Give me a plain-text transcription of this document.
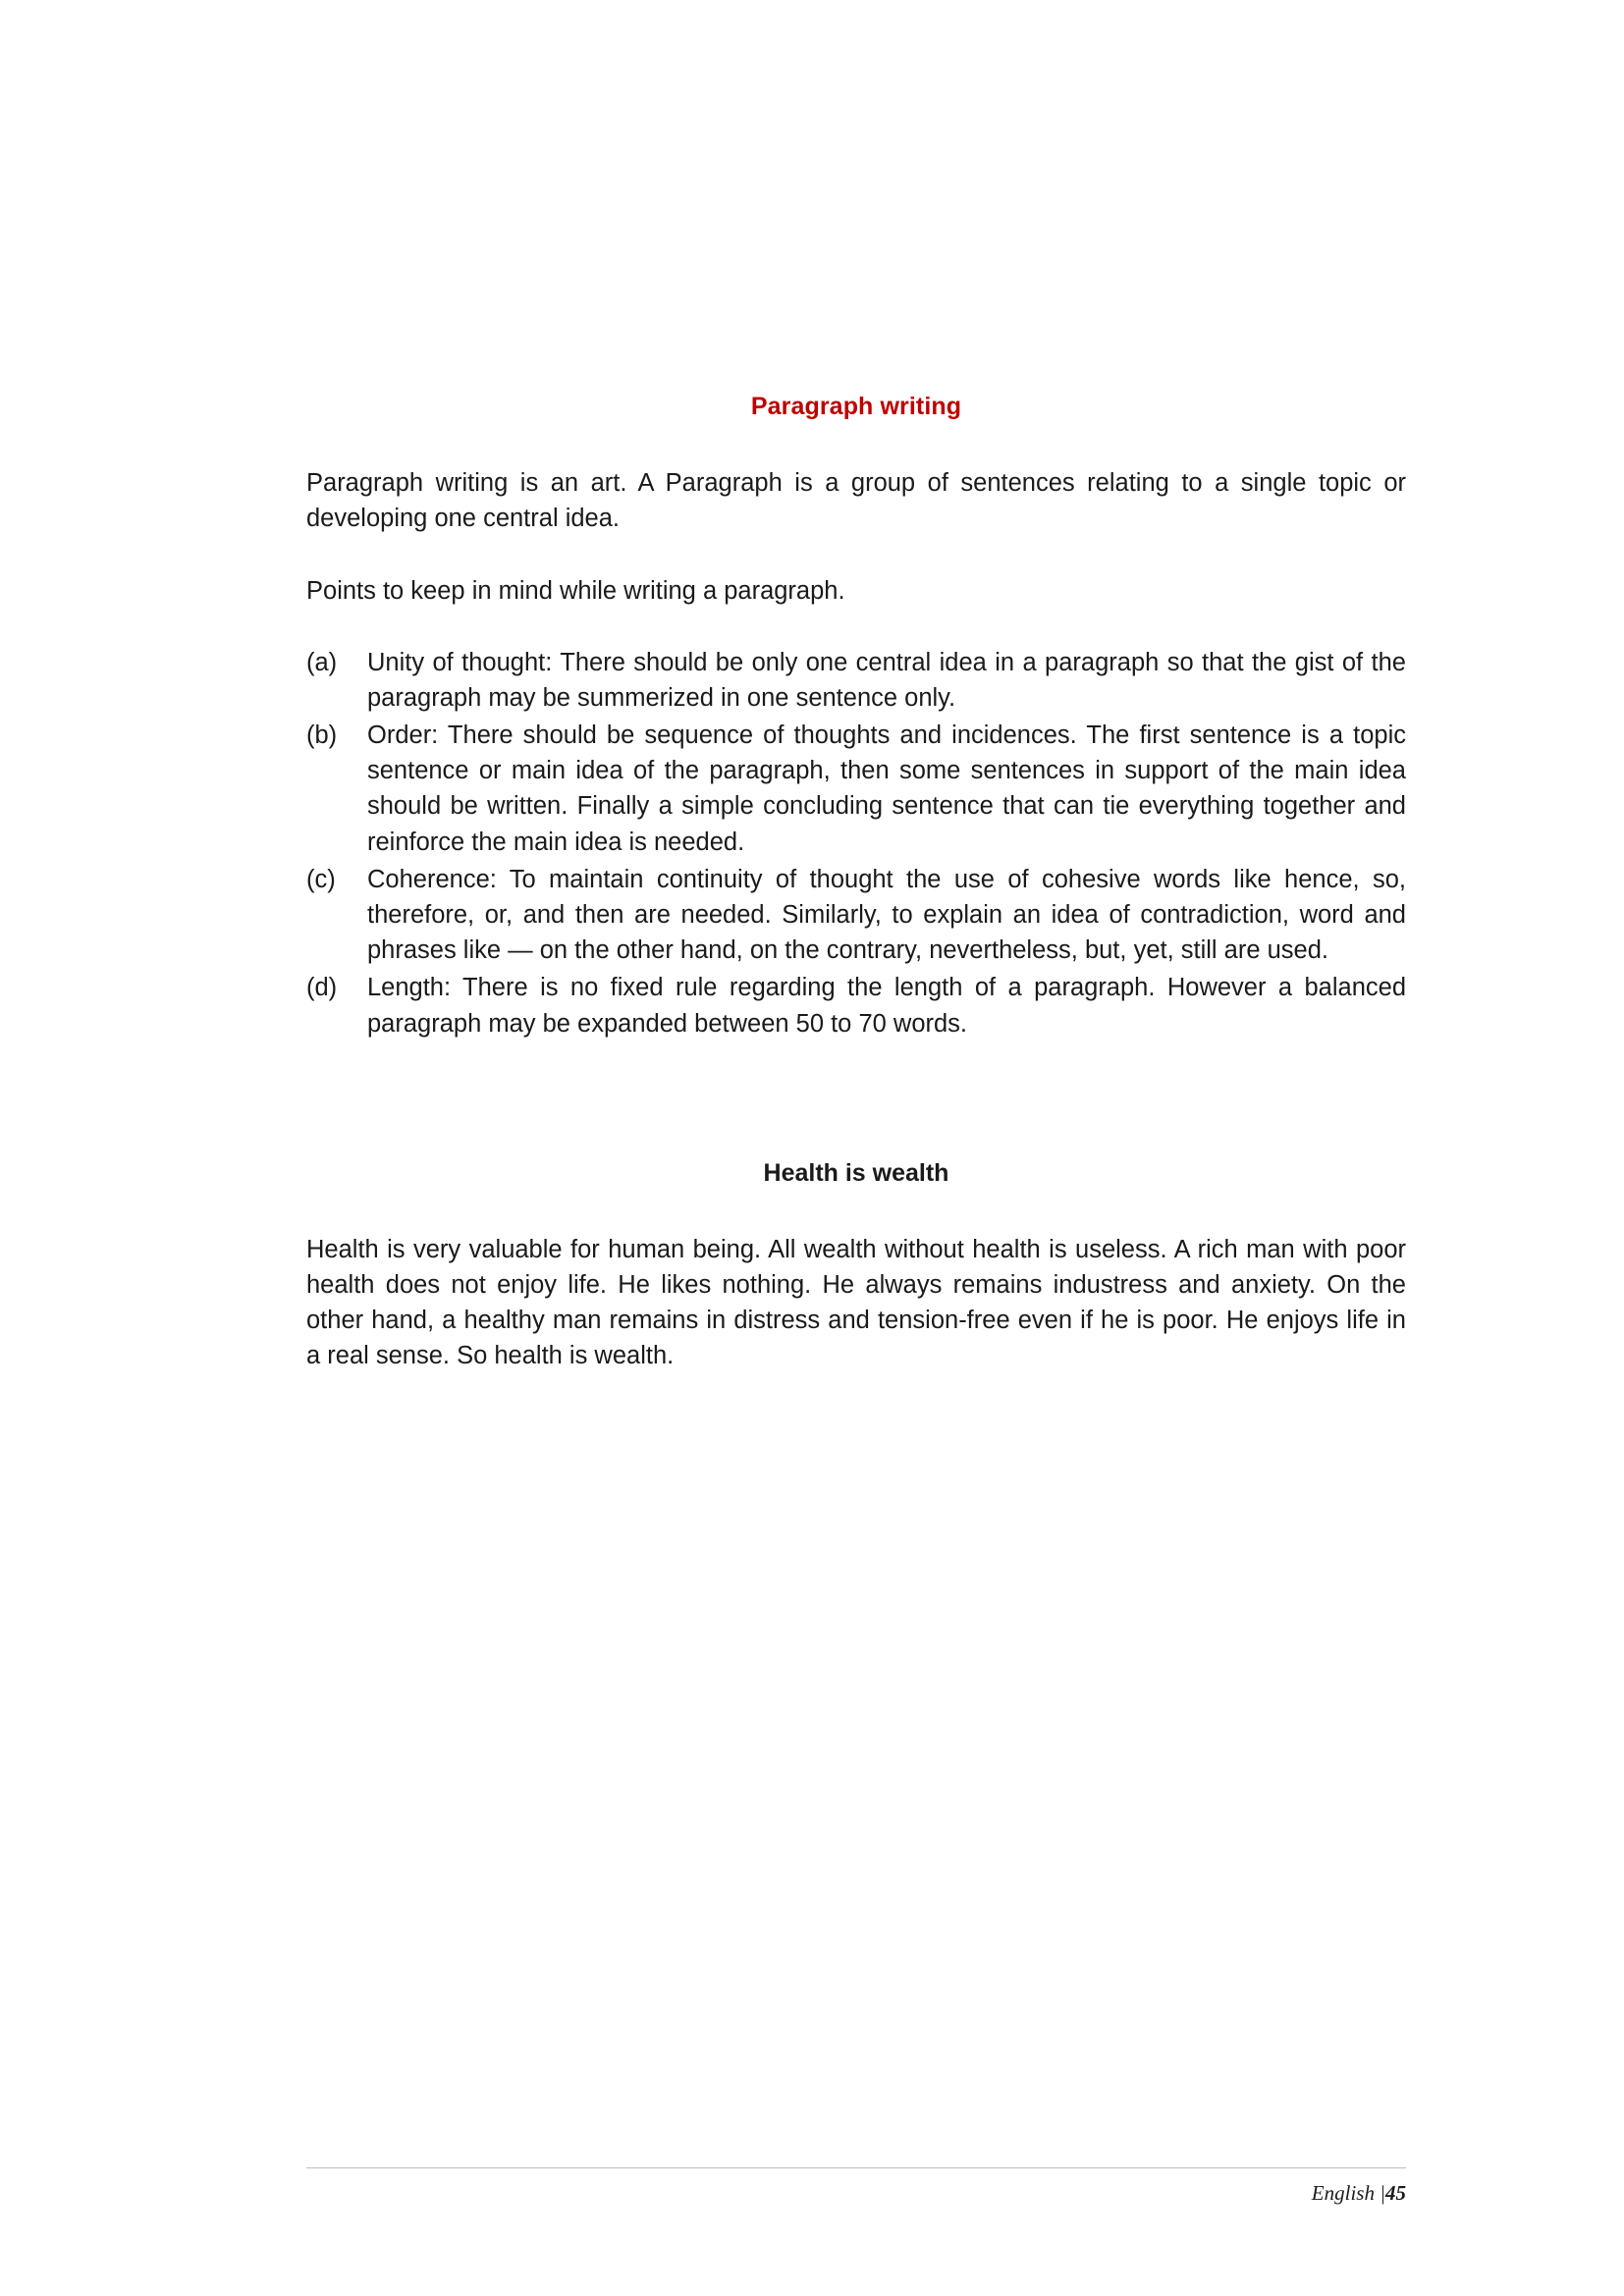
Paragraph writing

Paragraph writing is an art. A Paragraph is a group of sentences relating to a single topic or developing one central idea.

Points to keep in mind while writing a paragraph.

(a)	Unity of thought: There should be only one central idea in a paragraph so that the gist of the paragraph may be summerized in one sentence only.
(b)	Order: There should be sequence of thoughts and incidences. The first sentence is a topic sentence or main idea of the paragraph, then some sentences in support of the main idea should be written. Finally a simple concluding sentence that can tie everything together and reinforce the main idea is needed.
(c)	Coherence: To maintain continuity of thought the use of cohesive words like hence, so, therefore, or, and then are needed. Similarly, to explain an idea of contradiction, word and phrases like — on the other hand, on the contrary, nevertheless, but, yet, still are used.
(d)	Length: There is no fixed rule regarding the length of a paragraph. However a balanced paragraph may be expanded between 50 to 70 words.
Health is wealth

Health is very valuable for human being. All wealth without health is useless. A rich man with poor health does not enjoy life. He likes nothing. He always remains industress and anxiety. On the other hand, a healthy man remains in distress and tension-free even if he is poor. He enjoys life in a real sense. So health is wealth.

English |45
